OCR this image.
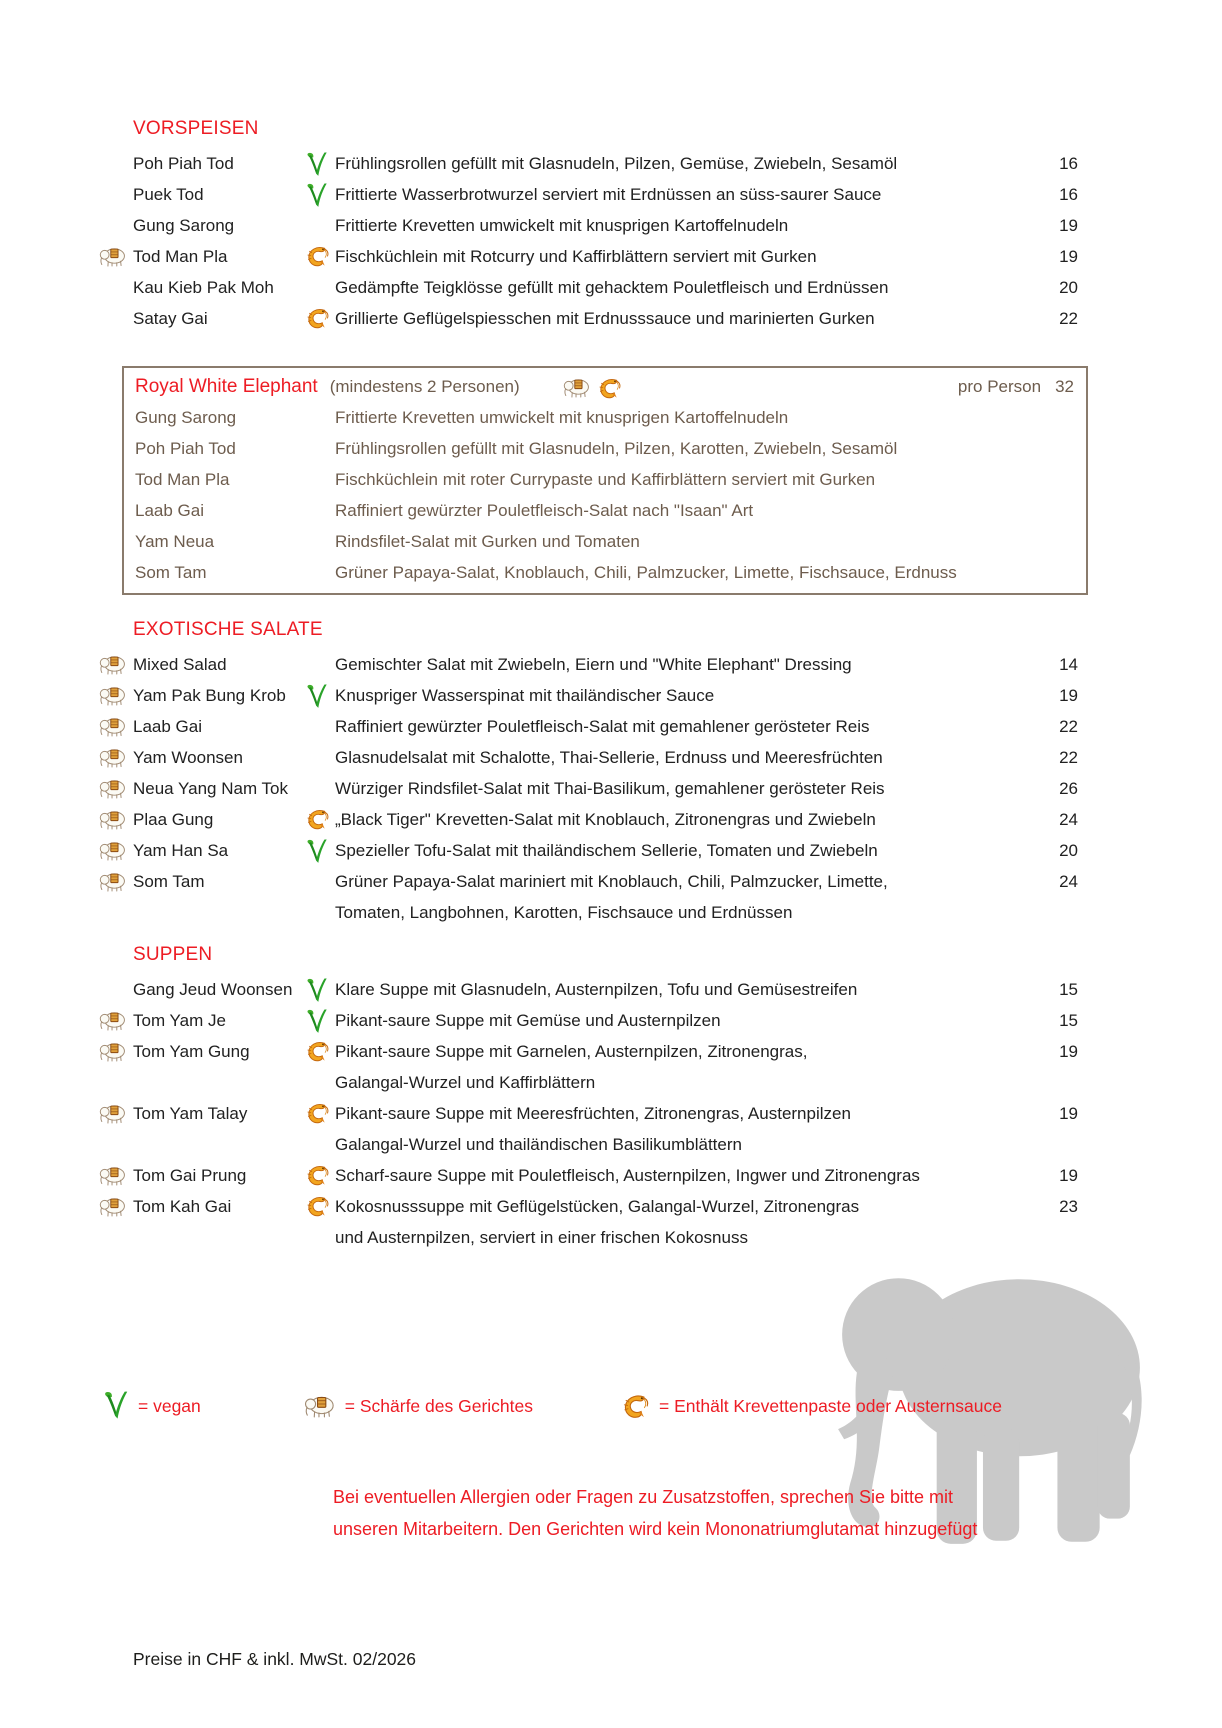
VORSPEISEN
Poh Piah Tod	Frühlingsrollen gefüllt mit Glasnudeln, Pilzen, Gemüse, Zwiebeln, Sesamöl	16
Puek Tod	Frittierte Wasserbrotwurzel serviert mit Erdnüssen an süss-saurer Sauce	16
Gung Sarong	Frittierte Krevetten umwickelt mit knusprigen Kartoffelnudeln	19
Tod Man Pla	Fischküchlein mit Rotcurry und Kaffirblättern serviert mit Gurken	19
Kau Kieb Pak Moh	Gedämpfte Teigklösse gefüllt mit gehacktem Pouletfleisch und Erdnüssen	20
Satay Gai	Grillierte Geflügelspiesschen mit Erdnusssauce und marinierten Gurken	22
Royal White Elephant (mindestens 2 Personen)	pro Person 32
Gung Sarong	Frittierte Krevetten umwickelt mit knusprigen Kartoffelnudeln
Poh Piah Tod	Frühlingsrollen gefüllt mit Glasnudeln, Pilzen, Karotten, Zwiebeln, Sesamöl
Tod Man Pla	Fischküchlein mit roter Currypaste und Kaffirblättern serviert mit Gurken
Laab Gai	Raffiniert gewürzter Pouletfleisch-Salat nach "Isaan" Art
Yam Neua	Rindsfilet-Salat mit Gurken und Tomaten
Som Tam	Grüner Papaya-Salat, Knoblauch, Chili, Palmzucker, Limette, Fischsauce, Erdnuss
EXOTISCHE SALATE
Mixed Salad	Gemischter Salat mit Zwiebeln, Eiern und "White Elephant" Dressing	14
Yam Pak Bung Krob	Knuspriger Wasserspinat mit thailändischer Sauce	19
Laab Gai	Raffiniert gewürzter Pouletfleisch-Salat mit gemahlener gerösteter Reis	22
Yam Woonsen	Glasnudelsalat mit Schalotte, Thai-Sellerie, Erdnuss und Meeresfrüchten	22
Neua Yang Nam Tok	Würziger Rindsfilet-Salat mit Thai-Basilikum, gemahlener gerösteter Reis	26
Plaa Gung	„Black Tiger" Krevetten-Salat mit Knoblauch, Zitronengras und Zwiebeln	24
Yam Han Sa	Spezieller Tofu-Salat mit thailändischem Sellerie, Tomaten und Zwiebeln	20
Som Tam	Grüner Papaya-Salat mariniert mit Knoblauch, Chili, Palmzucker, Limette,
Tomaten, Langbohnen, Karotten, Fischsauce und Erdnüssen
24
SUPPEN
Gang Jeud Woonsen	Klare Suppe mit Glasnudeln, Austernpilzen, Tofu und Gemüsestreifen	15
Tom Yam Je	Pikant-saure Suppe mit Gemüse und Austernpilzen	15
Tom Yam Gung	Pikant-saure Suppe mit Garnelen, Austernpilzen, Zitronengras,
Galangal-Wurzel und Kaffirblättern
19
Tom Yam Talay	Pikant-saure Suppe mit Meeresfrüchten, Zitronengras, Austernpilzen
Galangal-Wurzel und thailändischen Basilikumblättern
19
Tom Gai Prung	Scharf-saure Suppe mit Pouletfleisch, Austernpilzen, Ingwer und Zitronengras	19
Tom Kah Gai	Kokosnusssuppe mit Geflügelstücken, Galangal-Wurzel, Zitronengras
und Austernpilzen, serviert in einer frischen Kokosnuss
23
= vegan	= Schärfe des Gerichtes	= Enthält Krevettenpaste oder Austernsauce
Bei eventuellen Allergien oder Fragen zu Zusatzstoffen, sprechen Sie bitte mit
unseren Mitarbeitern. Den Gerichten wird kein Mononatriumglutamat hinzugefügt
Preise in CHF & inkl. MwSt. 02/2026
